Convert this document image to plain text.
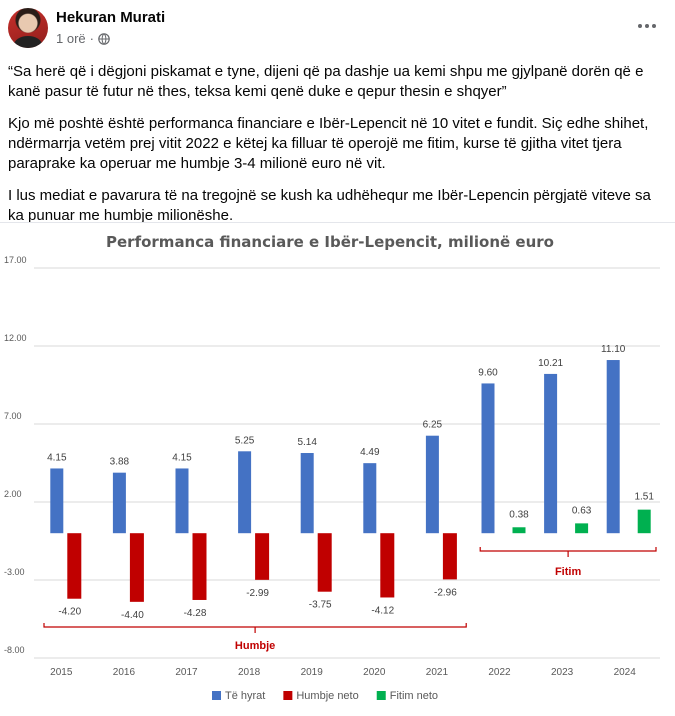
Hekuran Murati
1 orë ·

“Sa herë që i dëgjoni piskamat e tyne, dijeni që pa dashje ua kemi shpu me gjylpanë dorën që e kanë pasur të futur në thes, teksa kemi qenë duke e qepur thesin e shqyer”

Kjo më poshtë është performanca financiare e Ibër-Lepencit në 10 vitet e fundit. Siç edhe shihet, ndërmarrja vetëm prej vitit 2022 e këtej ka filluar të operojë me fitim, kurse të gjitha vitet tjera paraprake ka operuar me humbje 3-4 milionë euro në vit.

I lus mediat e pavarura të na tregojnë se kush ka udhëhequr me Ibër-Lepencin përgjatë viteve sa ka punuar me humbje milionëshe.

Performanca financiare e Ibër-Lepencit, milionë euro
-8.00
-3.00
2.00
7.00
12.00
17.00
4.15
-4.20
2015
3.88
-4.40
2016
4.15
-4.28
2017
5.25
-2.99
2018
5.14
-3.75
2019
4.49
-4.12
2020
6.25
-2.96
2021
9.60
0.38
2022
10.21
0.63
2023
11.10
1.51
2024
Humbje
Fitim
Të hyrat	Humbje neto	Fitim neto
